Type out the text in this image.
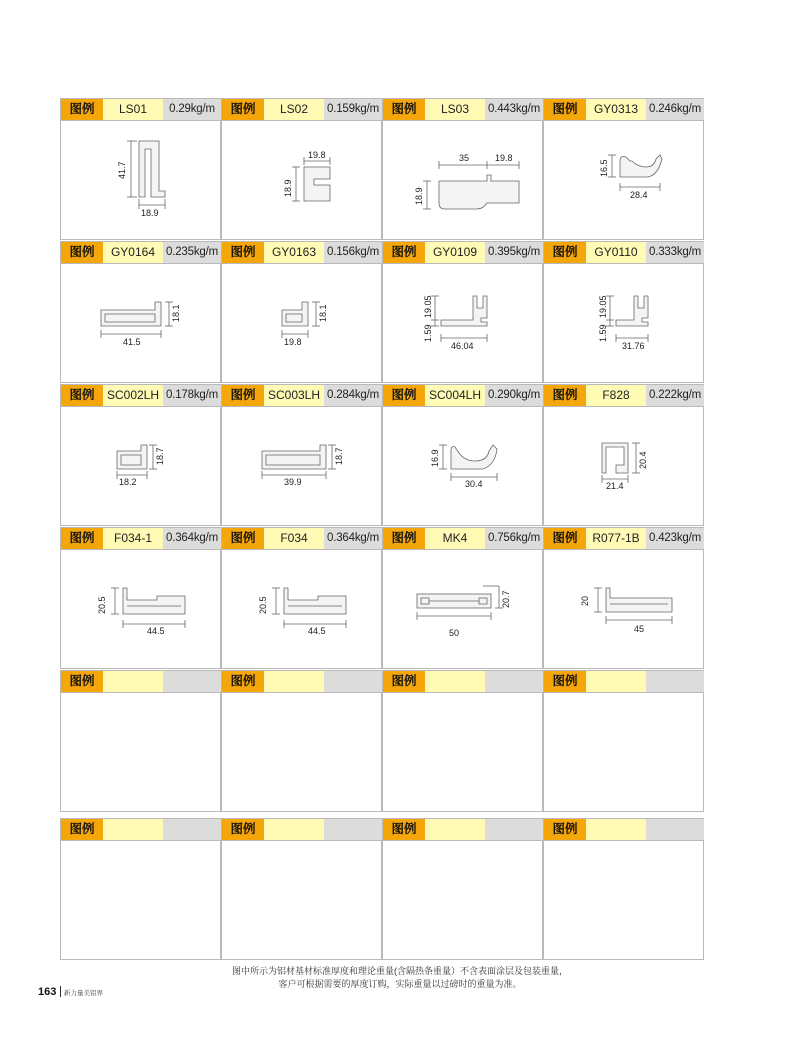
图例	LS01	0.29kg/m
41.7
18.9
图例	LS02	0.159kg/m
19.8
18.9
图例	LS03	0.443kg/m
35	19.8
18.9
图例	GY0313 0.246kg/m
16.5
28.4
图例	GY0164 0.235kg/m
41.5
18.1
图例	GY0163 0.156kg/m
19.8
18.1
图例	GY0109 0.395kg/m
19.05
1.59
46.04
图例	GY0110 0.333kg/m
19.05
1.59
31.76
图例	SC002LH 0.178kg/m
18.2
18.7
图例	SC003LH 0.284kg/m
39.9
18.7
图例	SC004LH 0.290kg/m
16.9
30.4
图例	F828	0.222kg/m
21.4
20.4
图例	F034-1	0.364kg/m
20.5
44.5
图例	F034	0.364kg/m
20.5
44.5
图例	MK4	0.756kg/m
50
20.7
图例	R077-1B 0.423kg/m
20
45
图例	图例	图例	图例
图例	图例	图例	图例
图中所示为铝材基材标准厚度和理论重量(含隔热条重量）不含表面涂层及包装重量，
客户可根据需要的厚度订购，实际重量以过磅时的重量为准。
163 新力量美铝界
